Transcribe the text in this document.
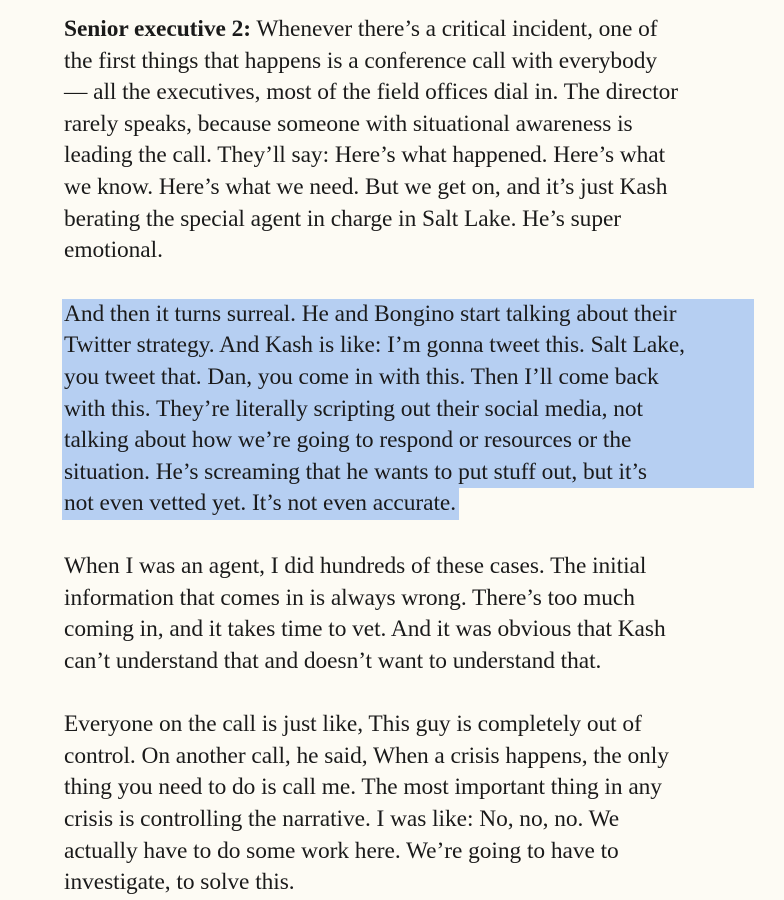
Senior executive 2: Whenever there’s a critical incident, one of
the first things that happens is a conference call with everybody
— all the executives, most of the field offices dial in. The director
rarely speaks, because someone with situational awareness is
leading the call. They’ll say: Here’s what happened. Here’s what
we know. Here’s what we need. But we get on, and it’s just Kash
berating the special agent in charge in Salt Lake. He’s super
emotional.

And then it turns surreal. He and Bongino start talking about their
Twitter strategy. And Kash is like: I’m gonna tweet this. Salt Lake,
you tweet that. Dan, you come in with this. Then I’ll come back
with this. They’re literally scripting out their social media, not
talking about how we’re going to respond or resources or the
situation. He’s screaming that he wants to put stuff out, but it’s
not even vetted yet. It’s not even accurate.

When I was an agent, I did hundreds of these cases. The initial
information that comes in is always wrong. There’s too much
coming in, and it takes time to vet. And it was obvious that Kash
can’t understand that and doesn’t want to understand that.

Everyone on the call is just like, This guy is completely out of
control. On another call, he said, When a crisis happens, the only
thing you need to do is call me. The most important thing in any
crisis is controlling the narrative. I was like: No, no, no. We
actually have to do some work here. We’re going to have to
investigate, to solve this.
